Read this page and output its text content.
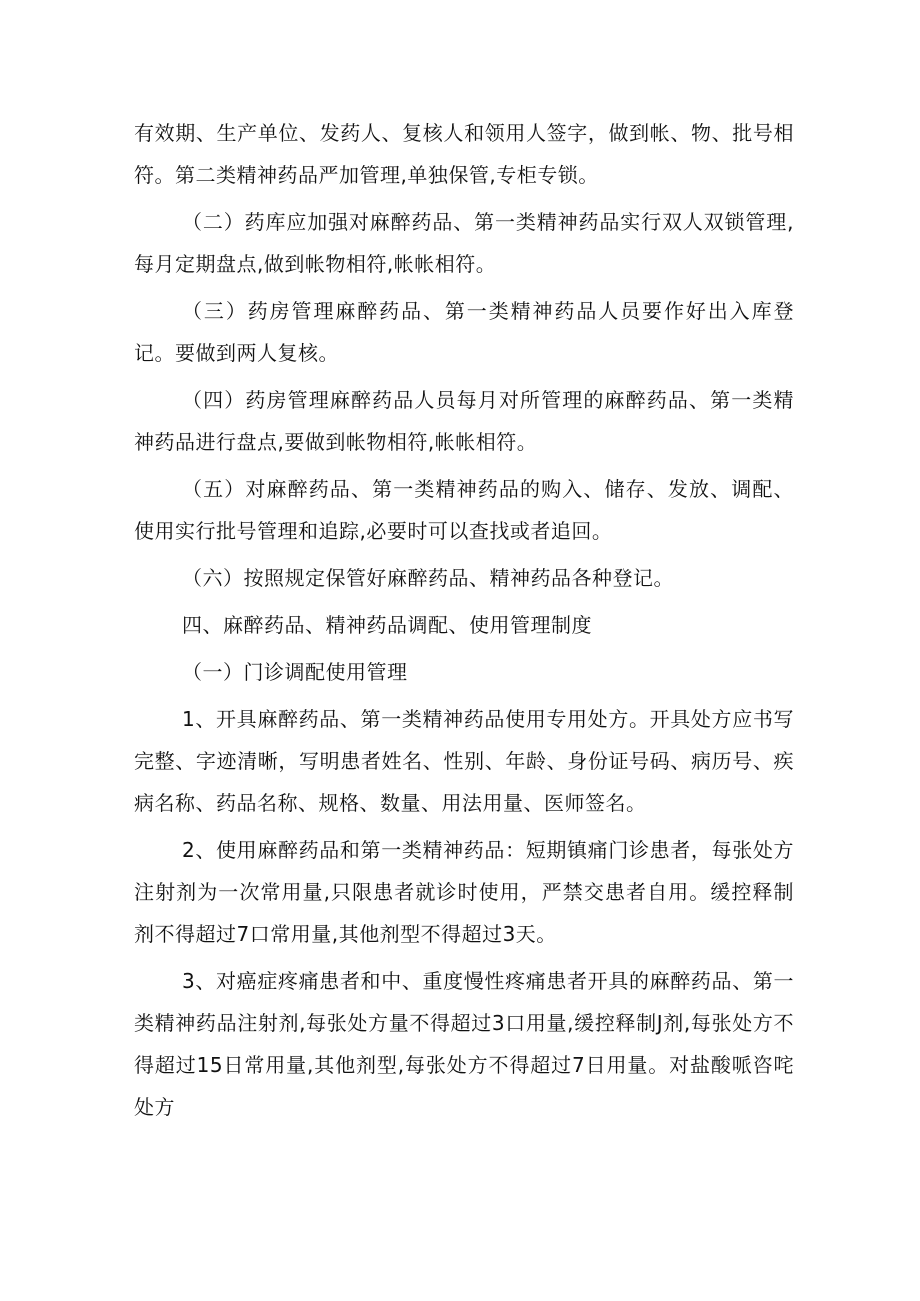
有效期、生产单位、发药人、复核人和领用人签字，做到帐、物、批号相符。第二类精神药品严加管理,单独保管,专柜专锁。

（二）药库应加强对麻醉药品、第一类精神药品实行双人双锁管理,每月定期盘点,做到帐物相符,帐帐相符。

（三）药房管理麻醉药品、第一类精神药品人员要作好出入库登记。要做到两人复核。

（四）药房管理麻醉药品人员每月对所管理的麻醉药品、第一类精神药品进行盘点,要做到帐物相符,帐帐相符。

（五）对麻醉药品、第一类精神药品的购入、储存、发放、调配、使用实行批号管理和追踪,必要时可以查找或者追回。

（六）按照规定保管好麻醉药品、精神药品各种登记。

四、麻醉药品、精神药品调配、使用管理制度

（一）门诊调配使用管理

1、开具麻醉药品、第一类精神药品使用专用处方。开具处方应书写完整、字迹清晰，写明患者姓名、性别、年龄、身份证号码、病历号、疾病名称、药品名称、规格、数量、用法用量、医师签名。

2、使用麻醉药品和第一类精神药品：短期镇痛门诊患者，每张处方注射剂为一次常用量,只限患者就诊时使用，严禁交患者自用。缓控释制剂不得超过7口常用量,其他剂型不得超过3天。

3、对癌症疼痛患者和中、重度慢性疼痛患者开具的麻醉药品、第一类精神药品注射剂,每张处方量不得超过3口用量,缓控释制J剂,每张处方不得超过15日常用量,其他剂型,每张处方不得超过7日用量。对盐酸哌咨咤处方
